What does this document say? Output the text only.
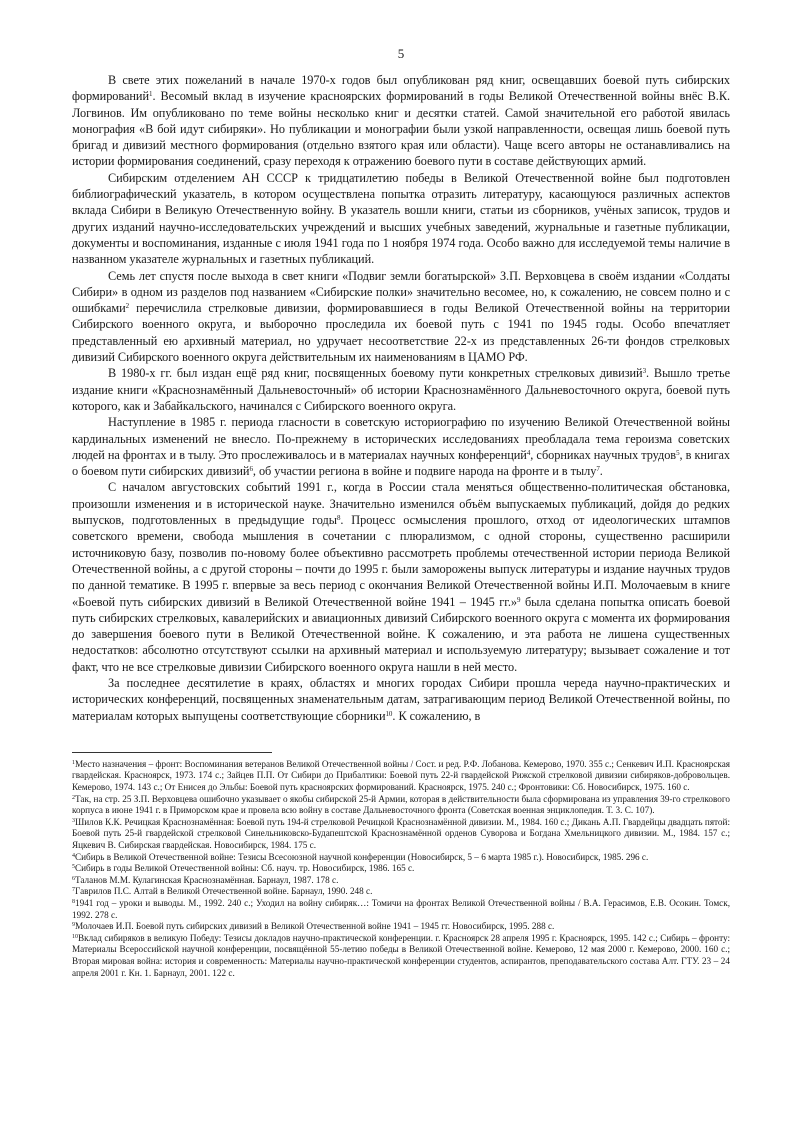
5

В свете этих пожеланий в начале 1970-х годов был опубликован ряд книг, освещавших боевой путь сибирских формирований$^1$. Весомый вклад в изучение красноярских формирований в годы Великой Отечественной войны внёс В.К. Логвинов. Им опубликовано по теме войны несколько книг и десятки статей. Самой значительной его работой явилась монография «В бой идут сибиряки». Но публикации и монографии были узкой направленности, освещая лишь боевой путь бригад и дивизий местного формирования (отдельно взятого края или области). Чаще всего авторы не останавливались на истории формирования соединений, сразу переходя к отражению боевого пути в составе действующих армий.

Сибирским отделением АН СССР к тридцатилетию победы в Великой Отечественной войне был подготовлен библиографический указатель, в котором осуществлена попытка отразить литературу, касающуюся различных аспектов вклада Сибири в Великую Отечественную войну. В указатель вошли книги, статьи из сборников, учёных записок, трудов и других изданий научно-исследовательских учреждений и высших учебных заведений, журнальные и газетные публикации, документы и воспоминания, изданные с июля 1941 года по 1 ноября 1974 года. Особо важно для исследуемой темы наличие в названном указателе журнальных и газетных публикаций.

Семь лет спустя после выхода в свет книги «Подвиг земли богатырской» З.П. Верховцева в своём издании «Солдаты Сибири» в одном из разделов под названием «Сибирские полки» значительно весомее, но, к сожалению, не совсем полно и с ошибками$^2$ перечислила стрелковые дивизии, формировавшиеся в годы Великой Отечественной войны на территории Сибирского военного округа, и выборочно проследила их боевой путь с 1941 по 1945 годы. Особо впечатляет представленный ею архивный материал, но удручает несоответствие 22-х из представленных 26-ти фондов стрелковых дивизий Сибирского военного округа действительным их наименованиям в ЦАМО РФ.

В 1980-х гг. был издан ещё ряд книг, посвященных боевому пути конкретных стрелковых дивизий$^3$. Вышло третье издание книги «Краснознамённый Дальневосточный» об истории Краснознамённого Дальневосточного округа, боевой путь которого, как и Забайкальского, начинался с Сибирского военного округа.

Наступление в 1985 г. периода гласности в советскую историографию по изучению Великой Отечественной войны кардинальных изменений не внесло. По-прежнему в исторических исследованиях преобладала тема героизма советских людей на фронтах и в тылу. Это прослеживалось и в материалах научных конференций$^4$, сборниках научных трудов$^5$, в книгах о боевом пути сибирских дивизий$^6$, об участии региона в войне и подвиге народа на фронте и в тылу$^7$.

С началом августовских событий 1991 г., когда в России стала меняться общественно-политическая обстановка, произошли изменения и в исторической науке. Значительно изменился объём выпускаемых публикаций, дойдя до редких выпусков, подготовленных в предыдущие годы$^8$. Процесс осмысления прошлого, отход от идеологических штампов советского времени, свобода мышления в сочетании с плюрализмом, с одной стороны, существенно расширили источниковую базу, позволив по-новому более объективно рассмотреть проблемы отечественной истории периода Великой Отечественной войны, а с другой стороны – почти до 1995 г. были заморожены выпуск литературы и издание научных трудов по данной тематике. В 1995 г. впервые за весь период с окончания Великой Отечественной войны И.П. Молочаевым в книге «Боевой путь сибирских дивизий в Великой Отечественной войне 1941 – 1945 гг.»$^9$ была сделана попытка описать боевой путь сибирских стрелковых, кавалерийских и авиационных дивизий Сибирского военного округа с момента их формирования до завершения боевого пути в Великой Отечественной войне. К сожалению, и эта работа не лишена существенных недостатков: абсолютно отсутствуют ссылки на архивный материал и используемую литературу; вызывает сожаление и тот факт, что не все стрелковые дивизии Сибирского военного округа нашли в ней место.

За последнее десятилетие в краях, областях и многих городах Сибири прошла череда научно-практических и исторических конференций, посвященных знаменательным датам, затрагивающим период Великой Отечественной войны, по материалам которых выпущены соответствующие сборники$^{10}$. К сожалению, в

$^1$Место назначения – фронт: Воспоминания ветеранов Великой Отечественной войны / Сост. и ред. Р.Ф. Лобанова. Кемерово, 1970. 355 с.; Сенкевич И.П. Красноярская гвардейская. Красноярск, 1973. 174 с.; Зайцев П.П. От Сибири до Прибалтики: Боевой путь 22-й гвардейской Рижской стрелковой дивизии сибиряков-добровольцев. Кемерово, 1974. 143 с.; От Енисея до Эльбы: Боевой путь красноярских формирований. Красноярск, 1975. 240 с.; Фронтовики: Сб. Новосибирск, 1975. 160 с.

$^2$Так, на стр. 25 З.П. Верховцева ошибочно указывает о якобы сибирской 25-й Армии, которая в действительности была сформирована из управления 39-го стрелкового корпуса в июне 1941 г. в Приморском крае и провела всю войну в составе Дальневосточного фронта (Советская военная энциклопедия. Т. 3. С. 107).

$^3$Шилов К.К. Речицкая Краснознамённая: Боевой путь 194-й стрелковой Речицкой Краснознамённой дивизии. М., 1984. 160 с.; Дикань А.П. Гвардейцы двадцать пятой: Боевой путь 25-й гвардейской стрелковой Синельниковско-Будапештской Краснознамённой орденов Суворова и Богдана Хмельницкого дивизии. М., 1984. 157 с.; Яцкевич В. Сибирская гвардейская. Новосибирск, 1984. 175 с.

$^4$Сибирь в Великой Отечественной войне: Тезисы Всесоюзной научной конференции (Новосибирск, 5 – 6 марта 1985 г.). Новосибирск, 1985. 296 с.

$^5$Сибирь в годы Великой Отечественной войны: Сб. науч. тр. Новосибирск, 1986. 165 с.

$^6$Таланов М.М. Кулагинская Краснознамённая. Барнаул, 1987. 178 с.

$^7$Гаврилов П.С. Алтай в Великой Отечественной войне. Барнаул, 1990. 248 с.

$^8$1941 год – уроки и выводы. М., 1992. 240 с.; Уходил на войну сибиряк…: Томичи на фронтах Великой Отечественной войны / В.А. Герасимов, Е.В. Осокин. Томск, 1992. 278 с.

$^9$Молочаев И.П. Боевой путь сибирских дивизий в Великой Отечественной войне 1941 – 1945 гг. Новосибирск, 1995. 288 с.

$^{10}$Вклад сибиряков в великую Победу: Тезисы докладов научно-практической конференции. г. Красноярск 28 апреля 1995 г. Красноярск, 1995. 142 с.; Сибирь – фронту: Материалы Всероссийской научной конференции, посвящённой 55-летию победы в Великой Отечественной войне. Кемерово, 12 мая 2000 г. Кемерово, 2000. 160 с.; Вторая мировая война: история и современность: Материалы научно-практической конференции студентов, аспирантов, преподавательского состава Алт. ГТУ. 23 – 24 апреля 2001 г. Кн. 1. Барнаул, 2001. 122 с.
